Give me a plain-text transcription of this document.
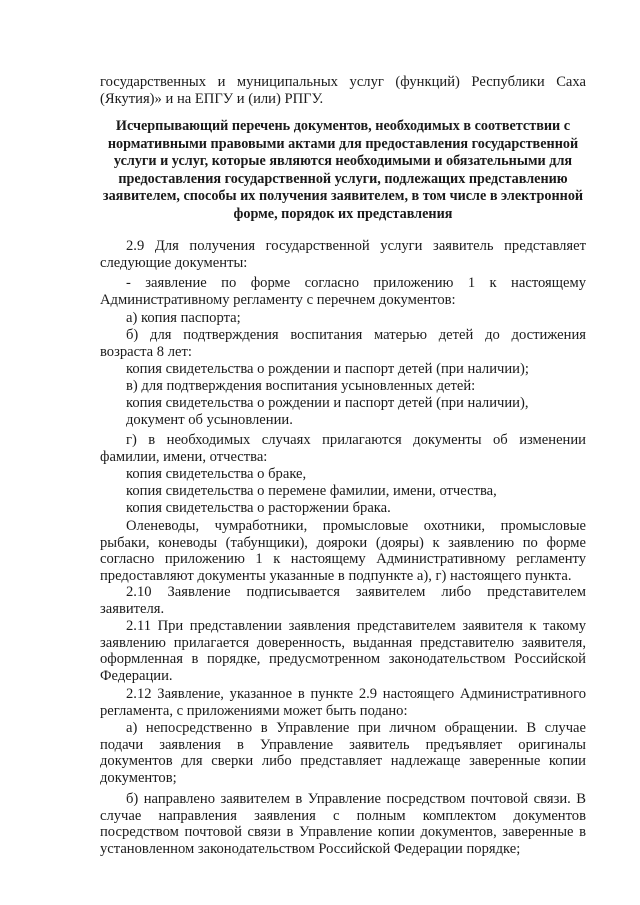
государственных и муниципальных услуг (функций) Республики Саха (Якутия)» и на ЕПГУ и (или) РПГУ.

Исчерпывающий перечень документов, необходимых в соответствии с нормативными правовыми актами для предоставления государственной услуги и услуг, которые являются необходимыми и обязательными для предоставления государственной услуги, подлежащих представлению заявителем, способы их получения заявителем, в том числе в электронной форме, порядок их представления

2.9 Для получения государственной услуги заявитель представляет следующие документы:

- заявление по форме согласно приложению 1 к настоящему Административному регламенту с перечнем документов:

а) копия паспорта;

б) для подтверждения воспитания матерью детей до достижения возраста 8 лет:

копия свидетельства о рождении и паспорт детей (при наличии);

в) для подтверждения воспитания усыновленных детей:

копия свидетельства о рождении и паспорт детей (при наличии),

документ об усыновлении.

г) в необходимых случаях прилагаются документы об изменении фамилии, имени, отчества:

копия свидетельства о браке,

копия свидетельства о перемене фамилии, имени, отчества,

копия свидетельства о расторжении брака.

Оленеводы, чумработники, промысловые охотники, промысловые рыбаки, коневоды (табунщики), дояроки (дояры) к заявлению по форме согласно приложению 1 к настоящему Административному регламенту предоставляют документы указанные в подпункте а), г) настоящего пункта.

2.10 Заявление подписывается заявителем либо представителем заявителя.

2.11 При представлении заявления представителем заявителя к такому заявлению прилагается доверенность, выданная представителю заявителя, оформленная в порядке, предусмотренном законодательством Российской Федерации.

2.12 Заявление, указанное в пункте 2.9 настоящего Административного регламента, с приложениями может быть подано:

а) непосредственно в Управление при личном обращении. В случае подачи заявления в Управление заявитель предъявляет оригиналы документов для сверки либо представляет надлежаще заверенные копии документов;

б) направлено заявителем в Управление посредством почтовой связи. В случае направления заявления с полным комплектом документов посредством почтовой связи в Управление копии документов, заверенные в установленном законодательством Российской Федерации порядке;
